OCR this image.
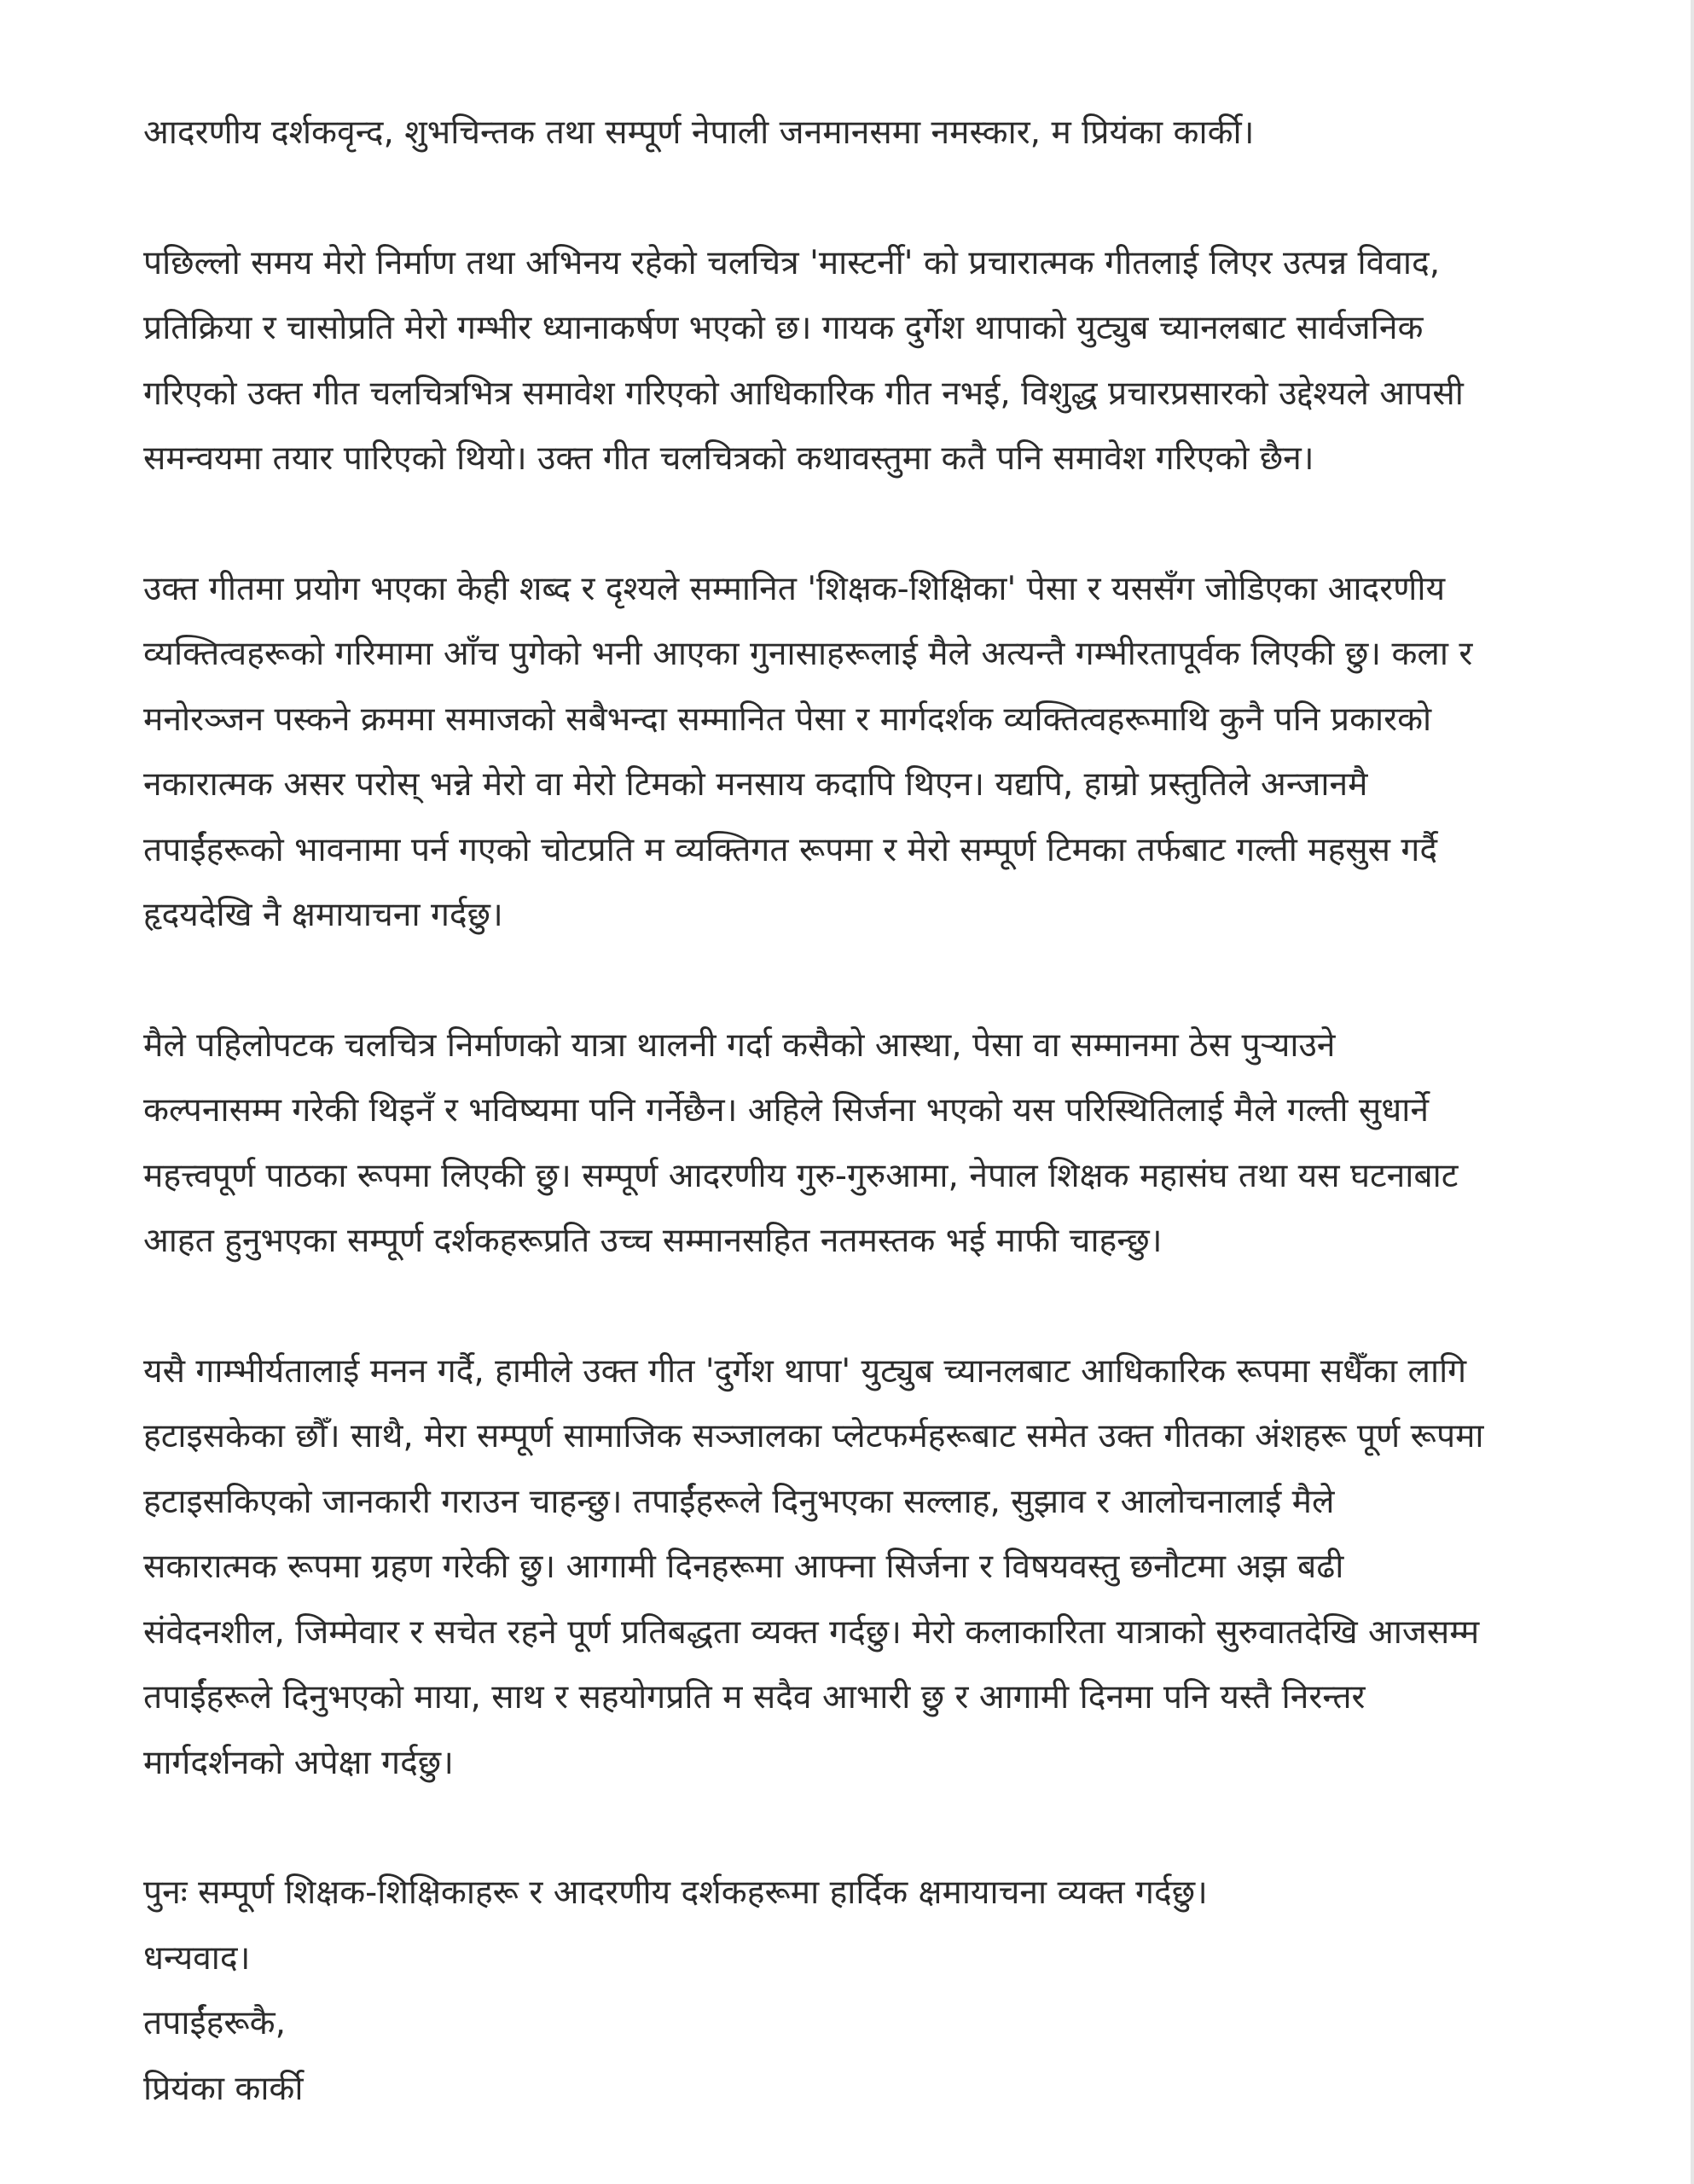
आदरणीय दर्शकवृन्द, शुभचिन्तक तथा सम्पूर्ण नेपाली जनमानसमा नमस्कार, म प्रियंका कार्की।
पछिल्लो समय मेरो निर्माण तथा अभिनय रहेको चलचित्र 'मास्टर्नी' को प्रचारात्मक गीतलाई लिएर उत्पन्न विवाद,
प्रतिक्रिया र चासोप्रति मेरो गम्भीर ध्यानाकर्षण भएको छ। गायक दुर्गेश थापाको युट्युब च्यानलबाट सार्वजनिक
गरिएको उक्त गीत चलचित्रभित्र समावेश गरिएको आधिकारिक गीत नभई, विशुद्ध प्रचारप्रसारको उद्देश्यले आपसी
समन्वयमा तयार पारिएको थियो। उक्त गीत चलचित्रको कथावस्तुमा कतै पनि समावेश गरिएको छैन।
उक्त गीतमा प्रयोग भएका केही शब्द र दृश्यले सम्मानित 'शिक्षक-शिक्षिका' पेसा र यससँग जोडिएका आदरणीय
व्यक्तित्वहरूको गरिमामा आँच पुगेको भनी आएका गुनासाहरूलाई मैले अत्यन्तै गम्भीरतापूर्वक लिएकी छु। कला र
मनोरञ्जन पस्कने क्रममा समाजको सबैभन्दा सम्मानित पेसा र मार्गदर्शक व्यक्तित्वहरूमाथि कुनै पनि प्रकारको
नकारात्मक असर परोस् भन्ने मेरो वा मेरो टिमको मनसाय कदापि थिएन। यद्यपि, हाम्रो प्रस्तुतिले अन्जानमै
तपाईंहरूको भावनामा पर्न गएको चोटप्रति म व्यक्तिगत रूपमा र मेरो सम्पूर्ण टिमका तर्फबाट गल्ती महसुस गर्दै
हृदयदेखि नै क्षमायाचना गर्दछु।
मैले पहिलोपटक चलचित्र निर्माणको यात्रा थालनी गर्दा कसैको आस्था, पेसा वा सम्मानमा ठेस पुऱ्याउने
कल्पनासम्म गरेकी थिइनँ र भविष्यमा पनि गर्नेछैन। अहिले सिर्जना भएको यस परिस्थितिलाई मैले गल्ती सुधार्ने
महत्त्वपूर्ण पाठका रूपमा लिएकी छु। सम्पूर्ण आदरणीय गुरु-गुरुआमा, नेपाल शिक्षक महासंघ तथा यस घटनाबाट
आहत हुनुभएका सम्पूर्ण दर्शकहरूप्रति उच्च सम्मानसहित नतमस्तक भई माफी चाहन्छु।
यसै गाम्भीर्यतालाई मनन गर्दै, हामीले उक्त गीत 'दुर्गेश थापा' युट्युब च्यानलबाट आधिकारिक रूपमा सधैँका लागि
हटाइसकेका छौँ। साथै, मेरा सम्पूर्ण सामाजिक सञ्जालका प्लेटफर्महरूबाट समेत उक्त गीतका अंशहरू पूर्ण रूपमा
हटाइसकिएको जानकारी गराउन चाहन्छु। तपाईंहरूले दिनुभएका सल्लाह, सुझाव र आलोचनालाई मैले
सकारात्मक रूपमा ग्रहण गरेकी छु। आगामी दिनहरूमा आफ्ना सिर्जना र विषयवस्तु छनौटमा अझ बढी
संवेदनशील, जिम्मेवार र सचेत रहने पूर्ण प्रतिबद्धता व्यक्त गर्दछु। मेरो कलाकारिता यात्राको सुरुवातदेखि आजसम्म
तपाईंहरूले दिनुभएको माया, साथ र सहयोगप्रति म सदैव आभारी छु र आगामी दिनमा पनि यस्तै निरन्तर
मार्गदर्शनको अपेक्षा गर्दछु।
पुनः सम्पूर्ण शिक्षक-शिक्षिकाहरू र आदरणीय दर्शकहरूमा हार्दिक क्षमायाचना व्यक्त गर्दछु।
धन्यवाद।
तपाईंहरूकै,
प्रियंका कार्की
